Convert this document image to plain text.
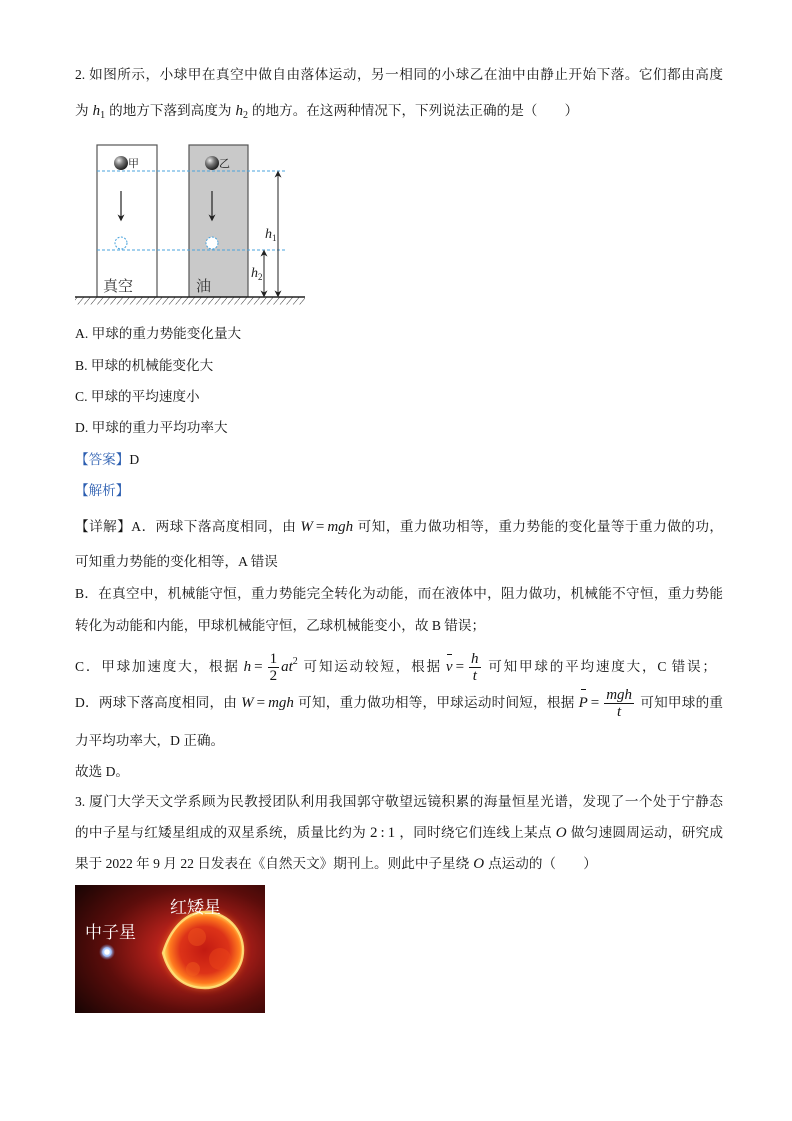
2. 如图所示，小球甲在真空中做自由落体运动，另一相同的小球乙在油中由静止开始下落。它们都由高度
为 $h_1$ 的地方下落到高度为 $h_2$ 的地方。在这两种情况下，下列说法正确的是（　　）
甲	乙
$h_1$
$h_2$
真空	油
A. 甲球的重力势能变化量大
B. 甲球的机械能变化大
C. 甲球的平均速度小
D. 甲球的重力平均功率大
【答案】D
【解析】
【详解】A．两球下落高度相同，由 W = mgh 可知，重力做功相等，重力势能的变化量等于重力做的功，
可知重力势能的变化相等，A 错误
B．在真空中，机械能守恒，重力势能完全转化为动能，而在液体中，阻力做功，机械能不守恒，重力势能
转化为动能和内能，甲球机械能守恒，乙球机械能变小，故 B 错误；
C．甲球加速度大，根据 $h = \frac{1}{2} at^2$ 可知运动较短，根据 $v = \frac{h}{t}$ 可知甲球的平均速度大，C 错误；
D．两球下落高度相同，由 W = mgh 可知，重力做功相等，甲球运动时间短，根据 $P = \frac{\text{mgh}}{t}$ 可知甲球的重
力平均功率大，D 正确。
故选 D。
3. 厦门大学天文学系顾为民教授团队利用我国郭守敬望远镜积累的海量恒星光谱，发现了一个处于宁静态
的中子星与红矮星组成的双星系统，质量比约为 2 : 1 ，同时绕它们连线上某点 O 做匀速圆周运动，研究成
果于 2022 年 9 月 22 日发表在《自然天文》期刊上。则此中子星绕 O 点运动的（　　）
红矮星
中子星
